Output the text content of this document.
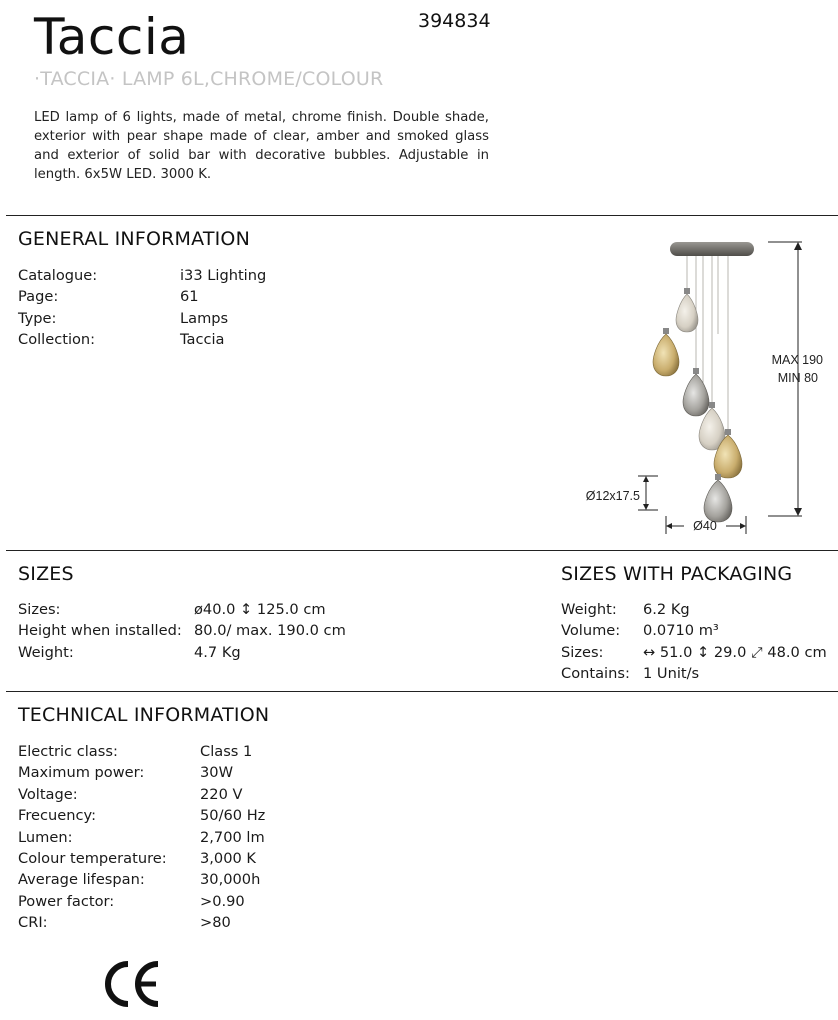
Taccia	394834
·TACCIA· LAMP 6L,CHROME/COLOUR
LED lamp of 6 lights, made of metal, chrome finish. Double shade, exterior with pear shape made of clear, amber and smoked glass and exterior of solid bar with decorative bubbles. Adjustable in length. 6x5W LED. 3000 K.
GENERAL INFORMATION
Catalogue:	i33 Lighting
Page:	61
Type:	Lamps
Collection:	Taccia
MAX 190
MIN 80
Ø12x17.5
Ø40
SIZES
Sizes:	ø40.0 ↕ 125.0 cm
Height when installed: 80.0/ max. 190.0 cm
Weight:	4.7 Kg
SIZES WITH PACKAGING
Weight:	6.2 Kg
Volume:	0.0710 m³
Sizes:	↔ 51.0 ↕ 29.0 ⤢ 48.0 cm
Contains: 1 Unit/s
TECHNICAL INFORMATION
Electric class:	Class 1
Maximum power:	30W
Voltage:	220 V
Frecuency:	50/60 Hz
Lumen:	2,700 lm
Colour temperature:	3,000 K
Average lifespan:	30,000h
Power factor:	>0.90
CRI:	>80
